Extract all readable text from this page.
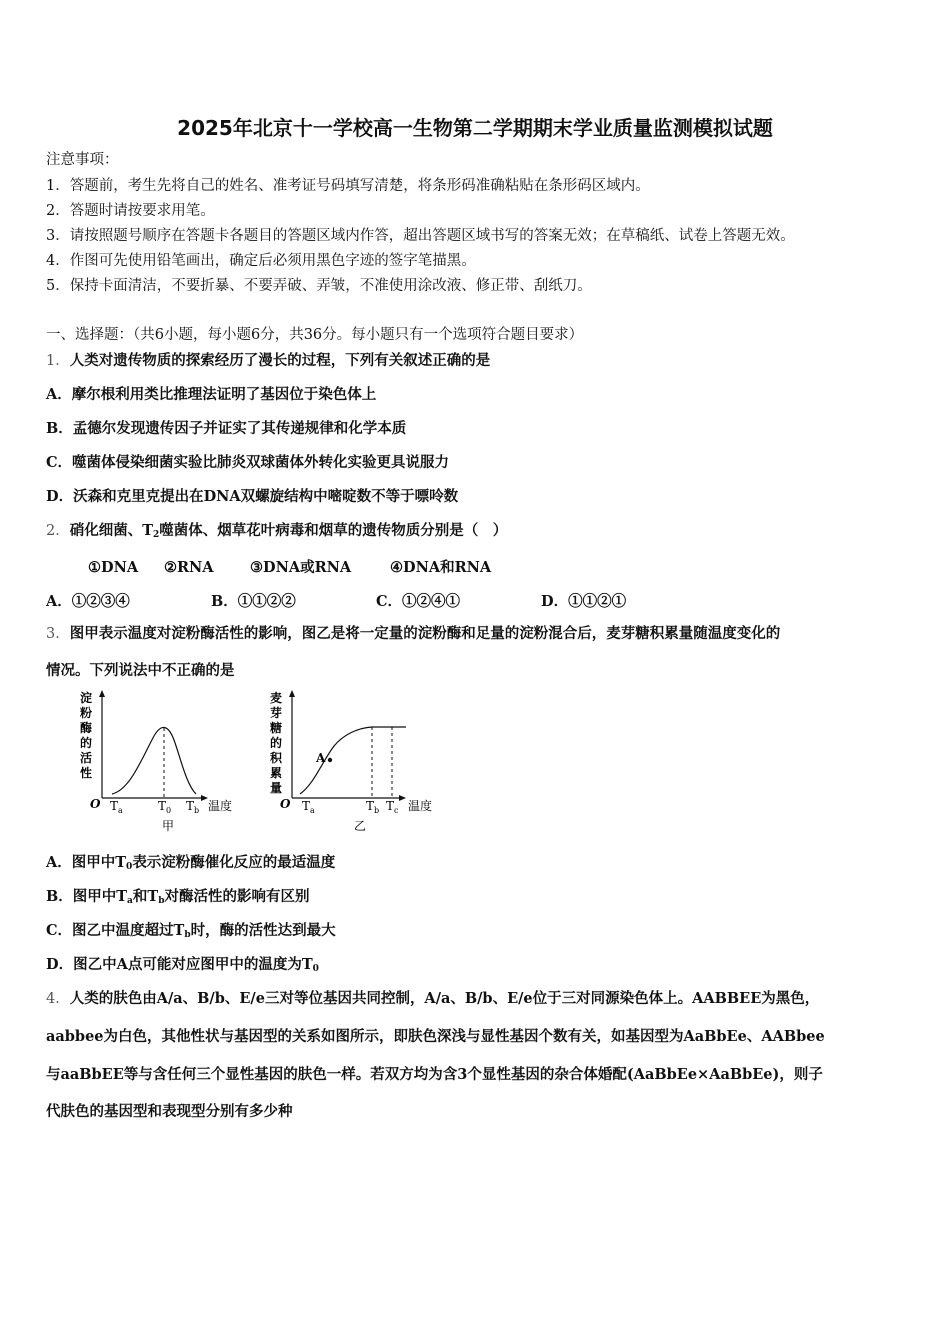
2025年北京十一学校高一生物第二学期期末学业质量监测模拟试题
注意事项：
1．答题前，考生先将自己的姓名、准考证号码填写清楚，将条形码准确粘贴在条形码区域内。
2．答题时请按要求用笔。
3．请按照题号顺序在答题卡各题目的答题区域内作答，超出答题区域书写的答案无效；在草稿纸、试卷上答题无效。
4．作图可先使用铅笔画出，确定后必须用黑色字迹的签字笔描黑。
5．保持卡面清洁，不要折暴、不要弄破、弄皱，不准使用涂改液、修正带、刮纸刀。
一、选择题：（共6小题，每小题6分，共36分。每小题只有一个选项符合题目要求）
1．人类对遗传物质的探索经历了漫长的过程，下列有关叙述正确的是
A．摩尔根利用类比推理法证明了基因位于染色体上
B．孟德尔发现遗传因子并证实了其传递规律和化学本质
C．噬菌体侵染细菌实验比肺炎双球菌体外转化实验更具说服力
D．沃森和克里克提出在DNA双螺旋结构中嘧啶数不等于嘌呤数
2．硝化细菌、$T_2$噬菌体、烟草花叶病毒和烟草的遗传物质分别是（　）
①DNA ②RNA	③DNA或RNA	④DNA和RNA
A．①②③④	B．①①②②	C．①②④①	D．①①②①
3．图甲表示温度对淀粉酶活性的影响，图乙是将一定量的淀粉酶和足量的淀粉混合后，麦芽糖积累量随温度变化的
情况。下列说法中不正确的是
淀
粉
酶
的
活
性
O $T_a$	$T_0$ $T_b$ 温度
甲
麦
芽
糖
的
积
累
量
A
O $T_a$	$T_b$ $T_c$ 温度
乙
A．图甲中$T_0$表示淀粉酶催化反应的最适温度
B．图甲中$T_a$和$T_b$对酶活性的影响有区别
C．图乙中温度超过$T_b$时，酶的活性达到最大
D．图乙中A点可能对应图甲中的温度为$T_0$
4．人类的肤色由A/a、B/b、E/e三对等位基因共同控制，A/a、B/b、E/e位于三对同源染色体上。AABBEE为黑色，
aabbee为白色，其他性状与基因型的关系如图所示，即肤色深浅与显性基因个数有关，如基因型为AaBbEe、AABbee
与aaBbEE等与含任何三个显性基因的肤色一样。若双方均为含3个显性基因的杂合体婚配(AaBbEe×AaBbEe)，则子
代肤色的基因型和表现型分别有多少种
